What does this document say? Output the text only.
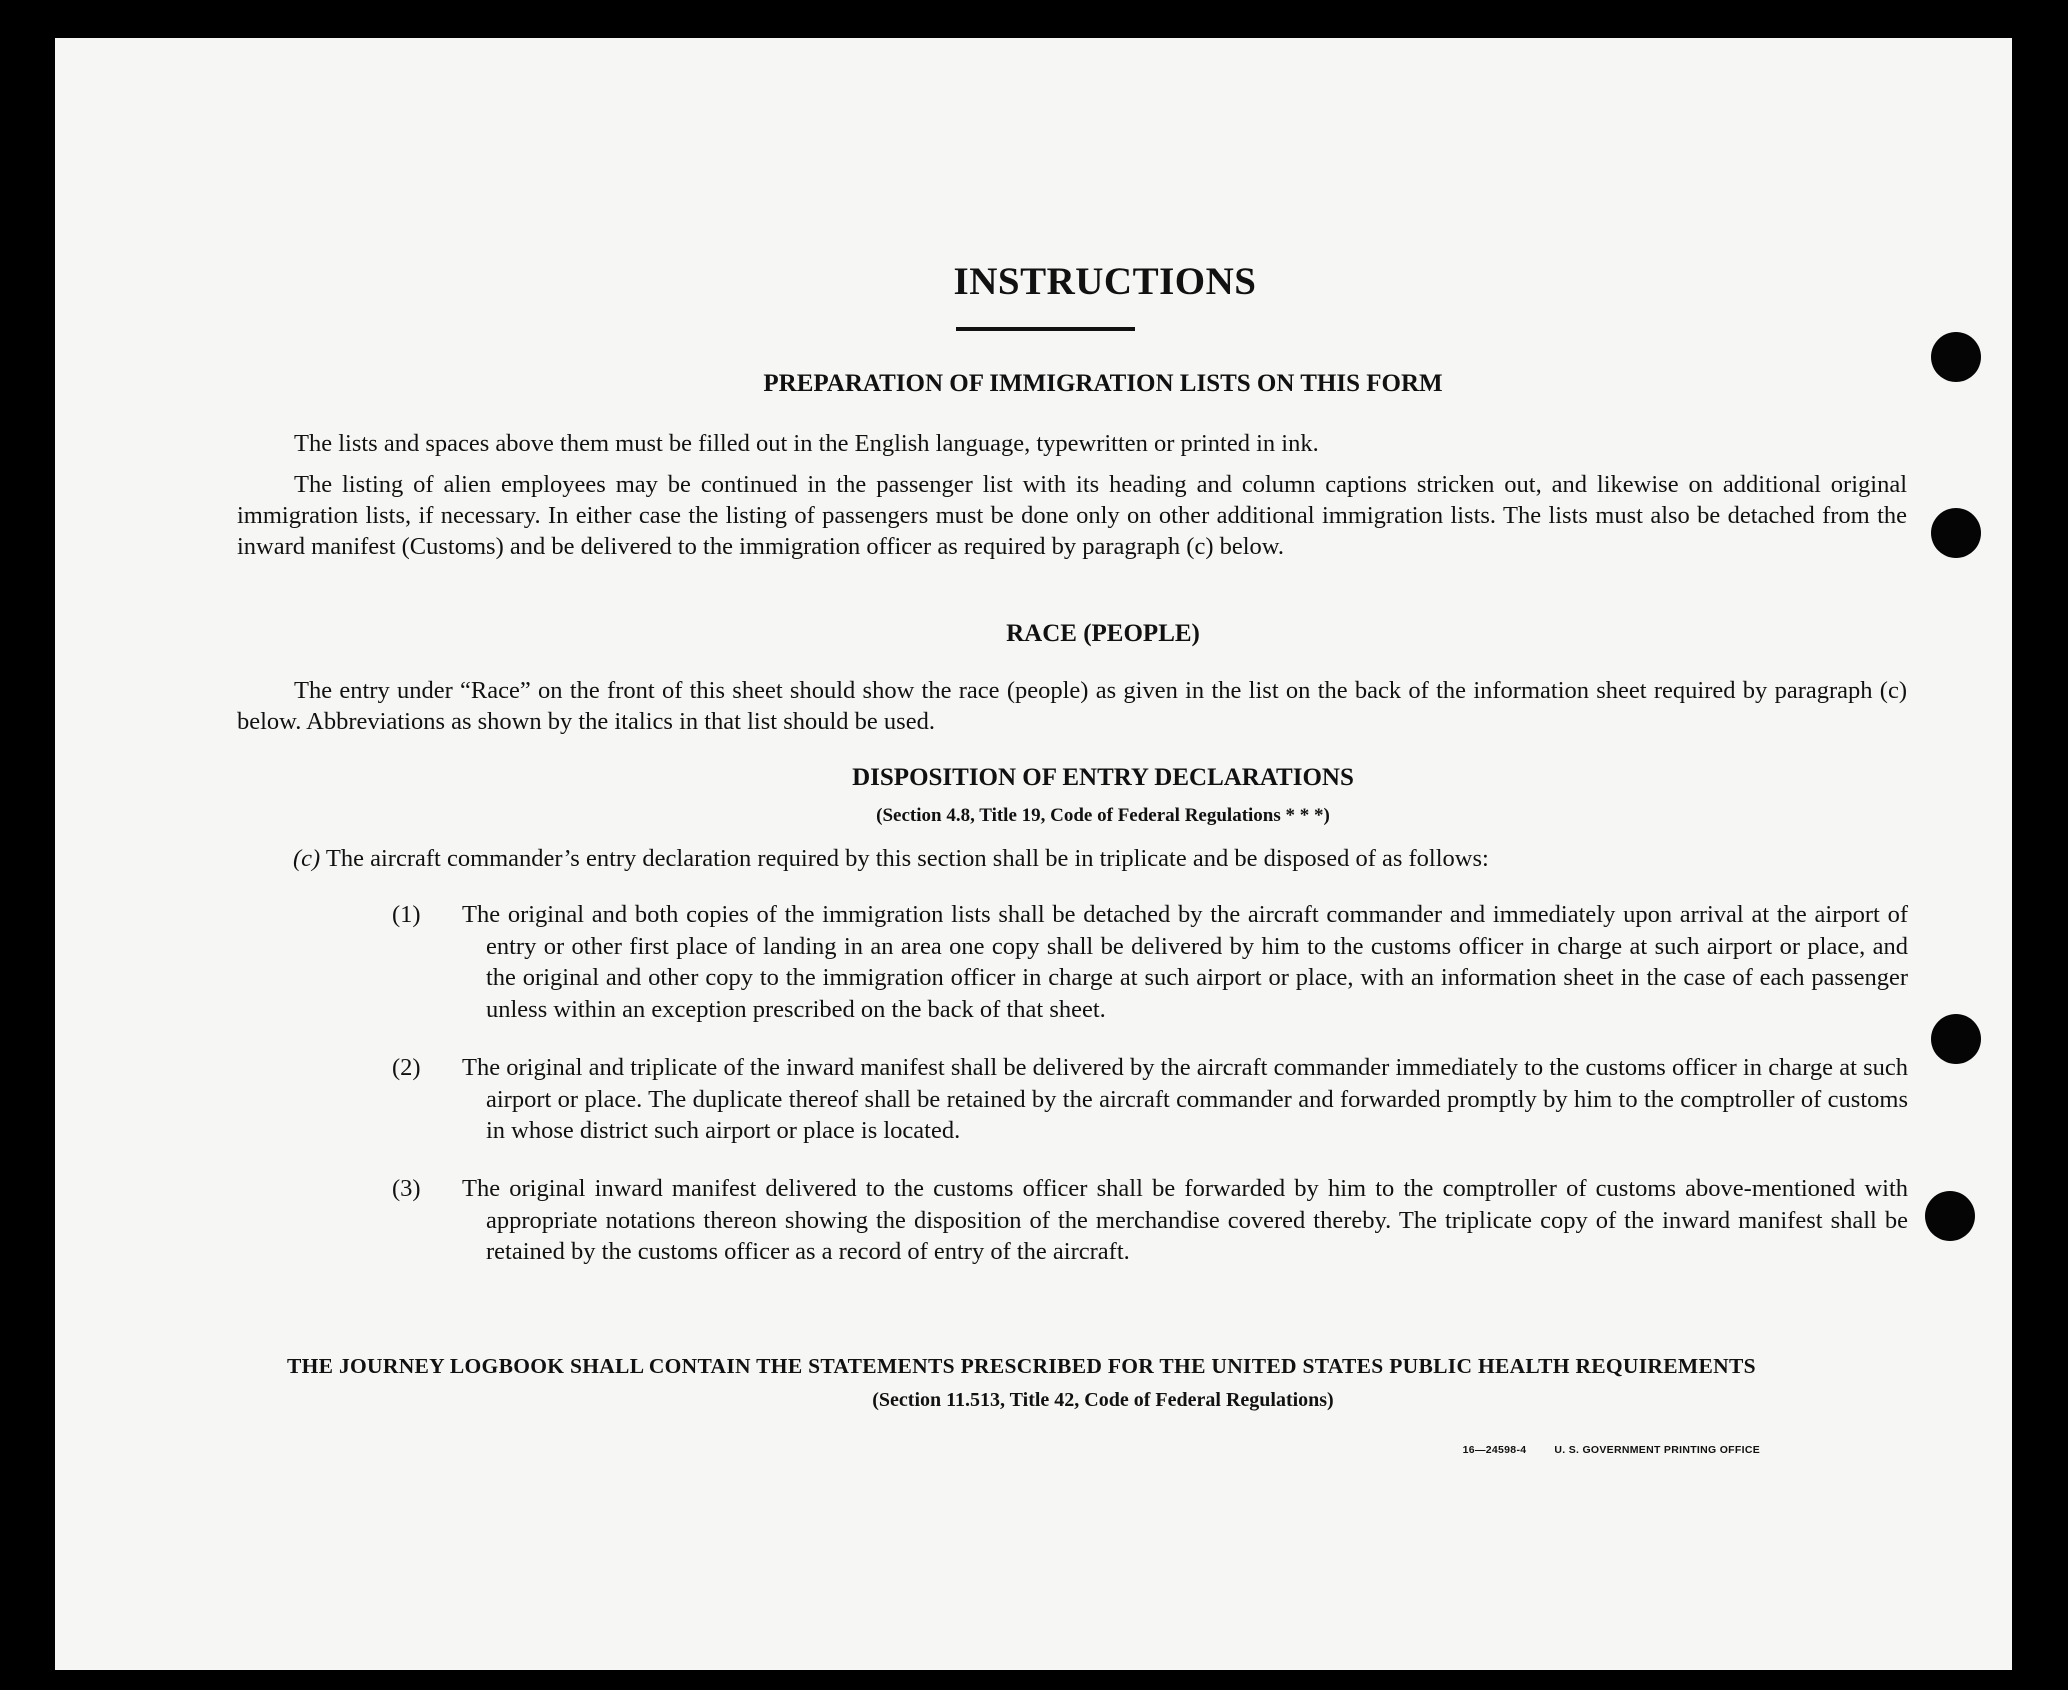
INSTRUCTIONS
PREPARATION OF IMMIGRATION LISTS ON THIS FORM
The lists and spaces above them must be filled out in the English language, typewritten or printed in ink.
The listing of alien employees may be continued in the passenger list with its heading and column captions stricken out, and likewise on additional original immigration lists, if necessary. In either case the listing of passengers must be done only on other additional immigration lists. The lists must also be detached from the inward manifest (Customs) and be delivered to the immigration officer as required by paragraph (c) below.
RACE (PEOPLE)
The entry under “Race” on the front of this sheet should show the race (people) as given in the list on the back of the information sheet required by paragraph (c) below. Abbreviations as shown by the italics in that list should be used.
DISPOSITION OF ENTRY DECLARATIONS
(Section 4.8, Title 19, Code of Federal Regulations * * *)
(c) The aircraft commander’s entry declaration required by this section shall be in triplicate and be disposed of as follows:
(1) The original and both copies of the immigration lists shall be detached by the aircraft commander and immediately upon arrival at the airport of entry or other first place of landing in an area one copy shall be delivered by him to the customs officer in charge at such airport or place, and the original and other copy to the immigration officer in charge at such airport or place, with an information sheet in the case of each passenger unless within an exception prescribed on the back of that sheet.
(2) The original and triplicate of the inward manifest shall be delivered by the aircraft commander immediately to the customs officer in charge at such airport or place. The duplicate thereof shall be retained by the aircraft commander and forwarded promptly by him to the comptroller of customs in whose district such airport or place is located.
(3) The original inward manifest delivered to the customs officer shall be forwarded by him to the comptroller of customs above-mentioned with appropriate notations thereon showing the disposition of the merchandise covered thereby. The triplicate copy of the inward manifest shall be retained by the customs officer as a record of entry of the aircraft.
THE JOURNEY LOGBOOK SHALL CONTAIN THE STATEMENTS PRESCRIBED FOR THE UNITED STATES PUBLIC HEALTH REQUIREMENTS
(Section 11.513, Title 42, Code of Federal Regulations)
16—24598-4	U. S. GOVERNMENT PRINTING OFFICE
